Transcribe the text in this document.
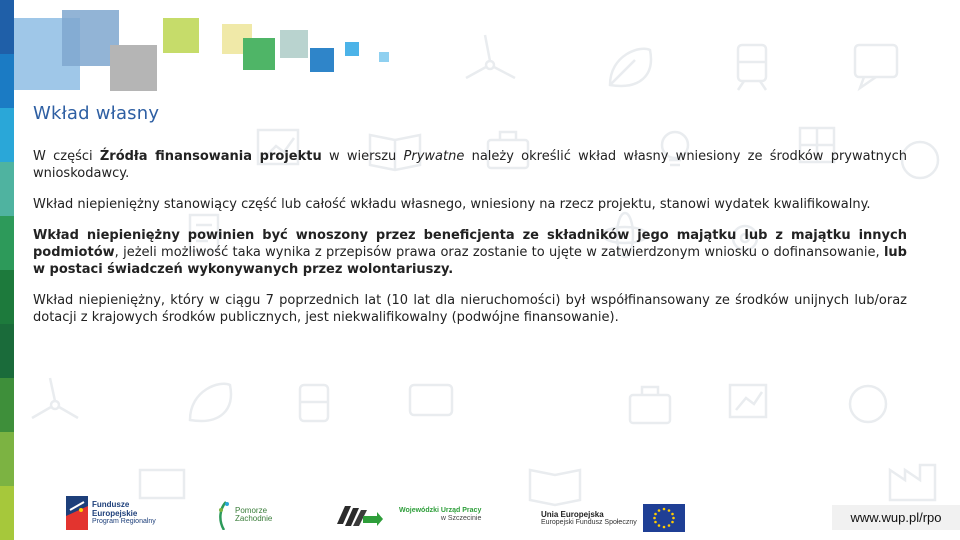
Wkład własny

W części Źródła finansowania projektu w wierszu Prywatne należy określić wkład własny wniesiony ze środków prywatnych wnioskodawcy.

Wkład niepieniężny stanowiący część lub całość wkładu własnego, wniesiony na rzecz projektu, stanowi wydatek kwalifikowalny.

Wkład niepieniężny powinien być wnoszony przez beneficjenta ze składników jego majątku lub z majątku innych podmiotów, jeżeli możliwość taka wynika z przepisów prawa oraz zostanie to ujęte w zatwierdzonym wniosku o dofinansowanie, lub w postaci świadczeń wykonywanych przez wolontariuszy.

Wkład niepieniężny, który w ciągu 7 poprzednich lat (10 lat dla nieruchomości) był współfinansowany ze środków unijnych lub/oraz dotacji z krajowych środków publicznych, jest niekwalifikowalny (podwójne finansowanie).

Fundusze
Europejskie
Program Regionalny
Pomorze
Zachodnie
Wojewódzki Urząd Pracy
w Szczecinie	Unia Europejska
Europejski Fundusz Społeczny	www.wup.pl/rpo
